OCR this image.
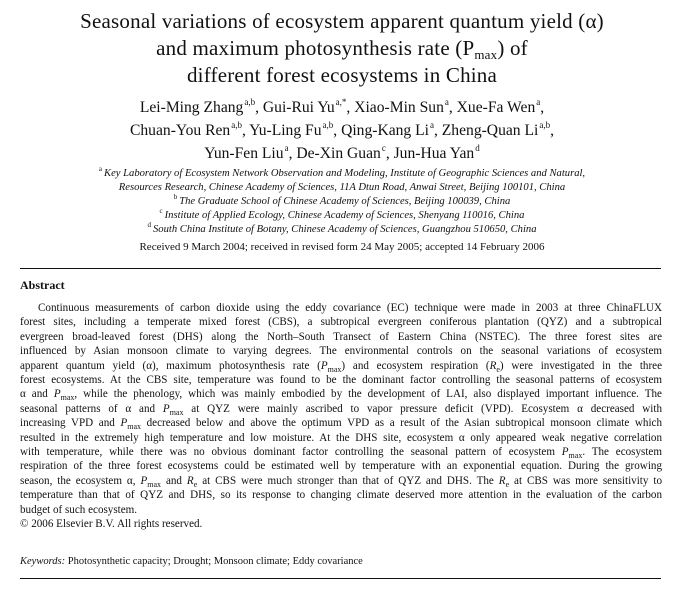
Seasonal variations of ecosystem apparent quantum yield (α)
and maximum photosynthesis rate $(P_{max})$ of
different forest ecosystems in China
Lei-Ming Zhang$^{a,b}$, Gui-Rui $Yu^{a,*}$, Xiao-Min Sun$^a$, Xue-Fa Wen$^a$,
Chuan-You Ren$^{a,b}$, Yu-Ling Fu$^{a,b}$, Qing-Kang Li$^a$, Zheng-Quan Li$^{a,b}$,
Yun-Fen Liu$^a$, De-Xin Guan$^c$, Jun-Hua Yan$^d$
$^a$ Key Laboratory of Ecosystem Network Observation and Modeling, Institute of Geographic Sciences and Natural,
Resources Research, Chinese Academy of Sciences, 11A Dtun Road, Anwai Street, Beijing 100101, China
$^b$ The Graduate School of Chinese Academy of Sciences, Beijing 100039, China
$^c$ Institute of Applied Ecology, Chinese Academy of Sciences, Shenyang 110016, China
$^d$ South China Institute of Botany, Chinese Academy of Sciences, Guangzhou 510650, China
Received 9 March 2004; received in revised form 24 May 2005; accepted 14 February 2006
Abstract
Continuous measurements of carbon dioxide using the eddy covariance (EC) technique were made in 2003 at three ChinaFLUX
forest sites, including a temperate mixed forest (CBS), a subtropical evergreen coniferous plantation (QYZ) and a subtropical
evergreen broad-leaved forest (DHS) along the North–South Transect of Eastern China (NSTEC). The three forest sites are
influenced by Asian monsoon climate to varying degrees. The environmental controls on the seasonal variations of ecosystem
apparent quantum yield (α), maximum photosynthesis rate $(P_{max})$ and ecosystem respiration $(R_e)$ were investigated in the three
forest ecosystems. At the CBS site, temperature was found to be the dominant factor controlling the seasonal patterns of ecosystem
α and $P_{max}$, while the phenology, which was mainly embodied by the development of LAI, also displayed important influence. The
seasonal patterns of α and $P_{max}$ at QYZ were mainly ascribed to vapor pressure deficit (VPD). Ecosystem α decreased with
increasing VPD and $P_{max}$ decreased below and above the optimum VPD as a result of the Asian subtropical monsoon climate which
resulted in the extremely high temperature and low moisture. At the DHS site, ecosystem α only appeared weak negative correlation
with temperature, while there was no obvious dominant factor controlling the seasonal pattern of ecosystem $P_{max}$. The ecosystem
respiration of the three forest ecosystems could be estimated well by temperature with an exponential equation. During the growing
season, the ecosystem α, $P_{max}$ and $R_e$ at CBS were much stronger than that of QYZ and DHS. The $R_e$ at CBS was more sensitivity to
temperature than that of QYZ and DHS, so its response to changing climate deserved more attention in the evaluation of the carbon
budget of such ecosystem.
© 2006 Elsevier B.V. All rights reserved.
Keywords: Photosynthetic capacity; Drought; Monsoon climate; Eddy covariance
